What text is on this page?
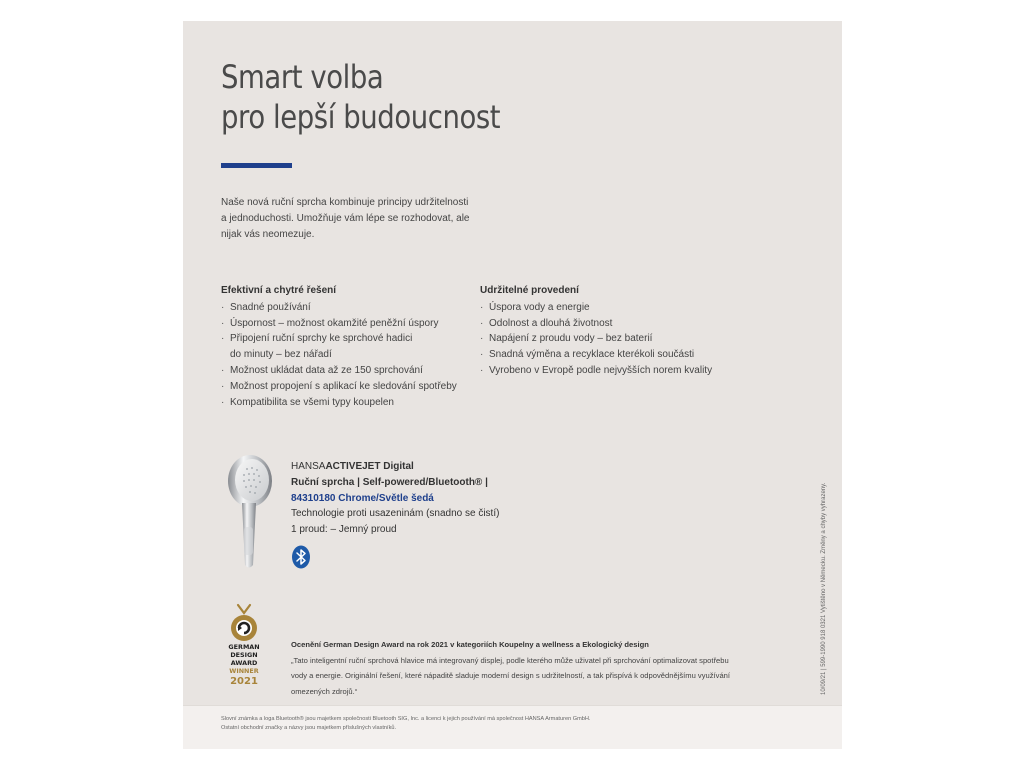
Smart volba
pro lepší budoucnost
Naše nová ruční sprcha kombinuje principy udržitelnosti
a jednoduchosti. Umožňuje vám lépe se rozhodovat, ale
nijak vás neomezuje.
Efektivní a chytré řešení
· Snadné používání
· Úspornost – možnost okamžité peněžní úspory
· Připojení ruční sprchy ke sprchové hadici
do minuty – bez nářadí
· Možnost ukládat data až ze 150 sprchování
· Možnost propojení s aplikací ke sledování spotřeby
· Kompatibilita se všemi typy koupelen
Udržitelné provedení
· Úspora vody a energie
· Odolnost a dlouhá životnost
· Napájení z proudu vody – bez baterií
· Snadná výměna a recyklace kterékoli součásti
· Vyrobeno v Evropě podle nejvyšších norem kvality
HANSAACTIVEJET Digital
Ruční sprcha | Self-powered/Bluetooth® |
84310180 Chrome/Světle šedá
Technologie proti usazeninám (snadno se čistí)
1 proud: – Jemný proud
GERMAN
DESIGN
AWARD
WINNER
2021
Ocenění German Design Award na rok 2021 v kategoriích Koupelny a wellness a Ekologický design
„Tato inteligentní ruční sprchová hlavice má integrovaný displej, podle kterého může uživatel při sprchování optimalizovat spotřebu
vody a energie. Originální řešení, které nápaditě sladuje moderní design s udržitelností, a tak přispívá k odpovědnějšímu využívání
omezených zdrojů.“	10/09/21 | 599-1990 918 0321 Vytištěno v Německu. Změny a chyby vyhrazeny.
Slovní známka a loga Bluetooth® jsou majetkem společnosti Bluetooth SIG, Inc. a licenci k jejich používání má společnost HANSA Armaturen GmbH.
Ostatní obchodní značky a názvy jsou majetkem příslušných vlastníků.
